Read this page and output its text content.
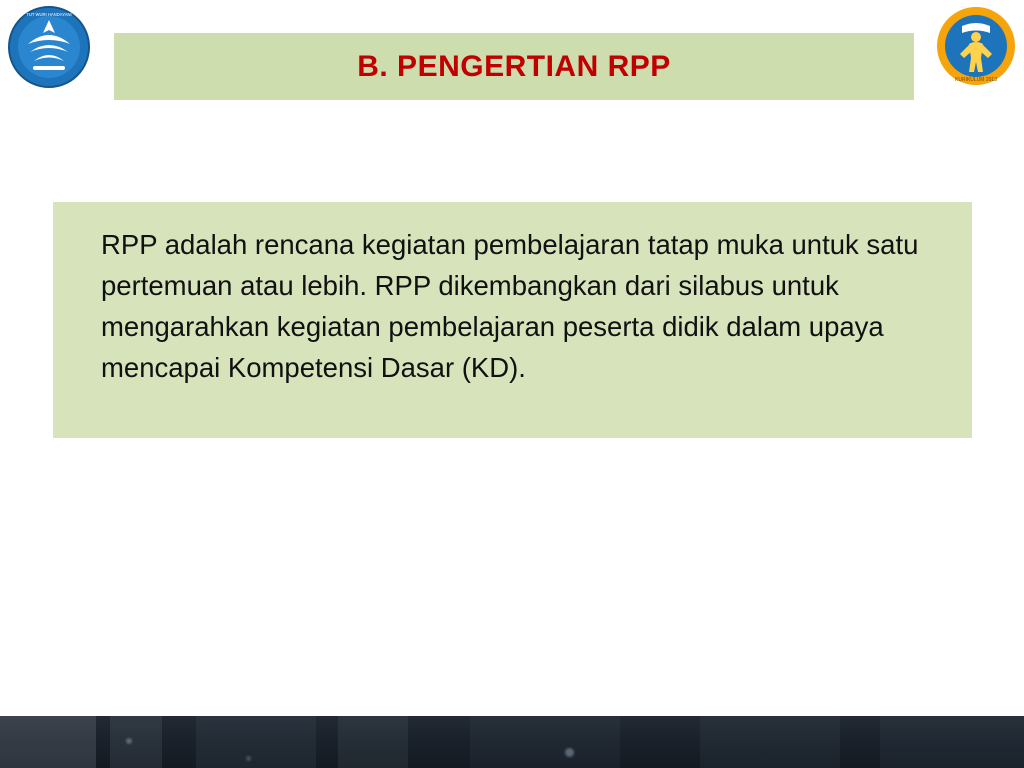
TUT WURI HANDAYANI
B. PENGERTIAN RPP	KURIKULUM 2013
RPP adalah rencana kegiatan pembelajaran tatap muka untuk satu pertemuan atau lebih. RPP dikembangkan dari silabus untuk mengarahkan kegiatan pembelajaran peserta didik dalam upaya mencapai Kompetensi Dasar (KD).
